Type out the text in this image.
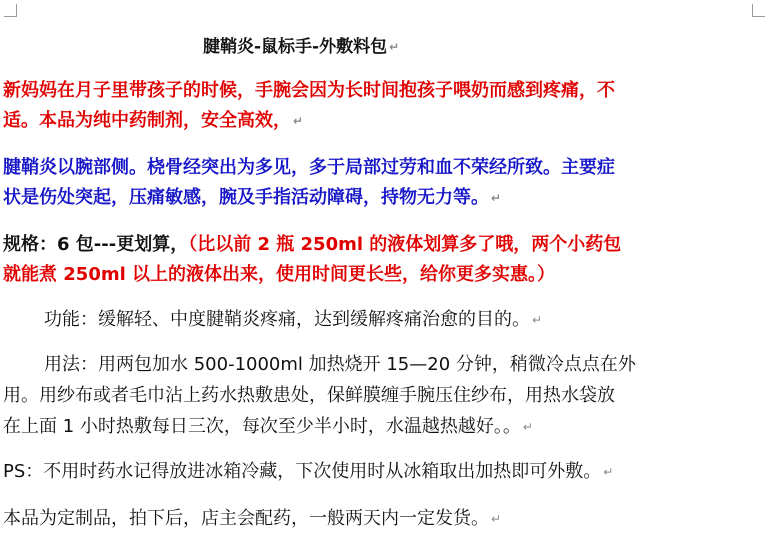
腱鞘炎-鼠标手-外敷料包 ↵
新妈妈在月子里带孩子的时候，手腕会因为长时间抱孩子喂奶而感到疼痛，不
适。本品为纯中药制剂，安全高效， ↵
腱鞘炎以腕部侧。桡骨经突出为多见，多于局部过劳和血不荣经所致。主要症
状是伤处突起，压痛敏感，腕及手指活动障碍，持物无力等。 ↵
规格：6 包---更划算，（比以前 2 瓶 250ml 的液体划算多了哦，两个小药包
就能煮 250ml 以上的液体出来，使用时间更长些，给你更多实惠。）
功能：缓解轻、中度腱鞘炎疼痛，达到缓解疼痛治愈的目的。 ↵
用法：用两包加水 500-1000ml 加热烧开 15—20 分钟，稍微冷点点在外
用。用纱布或者毛巾沾上药水热敷患处，保鲜膜缠手腕压住纱布，用热水袋放
在上面 1 小时热敷每日三次，每次至少半小时，水温越热越好。。 ↵
PS：不用时药水记得放进冰箱冷藏，下次使用时从冰箱取出加热即可外敷。 ↵
本品为定制品，拍下后，店主会配药，一般两天内一定发货。 ↵
